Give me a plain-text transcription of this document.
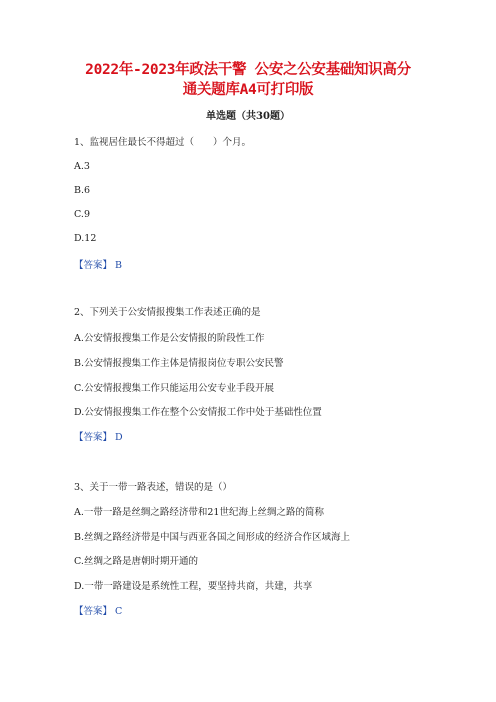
2022年-2023年政法干警 公安之公安基础知识高分
通关题库A4可打印版
单选题（共30题）
1、监视居住最长不得超过（　　）个月。
A.3
B.6
C.9
D.12
【答案】 B
2、下列关于公安情报搜集工作表述正确的是
A.公安情报搜集工作是公安情报的阶段性工作
B.公安情报搜集工作主体是情报岗位专职公安民警
C.公安情报搜集工作只能运用公安专业手段开展
D.公安情报搜集工作在整个公安情报工作中处于基础性位置
【答案】 D
3、关于一带一路表述，错误的是（）
A.一带一路是丝绸之路经济带和21世纪海上丝绸之路的简称
B.丝绸之路经济带是中国与西亚各国之间形成的经济合作区域海上
C.丝绸之路是唐朝时期开通的
D.一带一路建设是系统性工程，要坚持共商，共建，共享
【答案】 C
